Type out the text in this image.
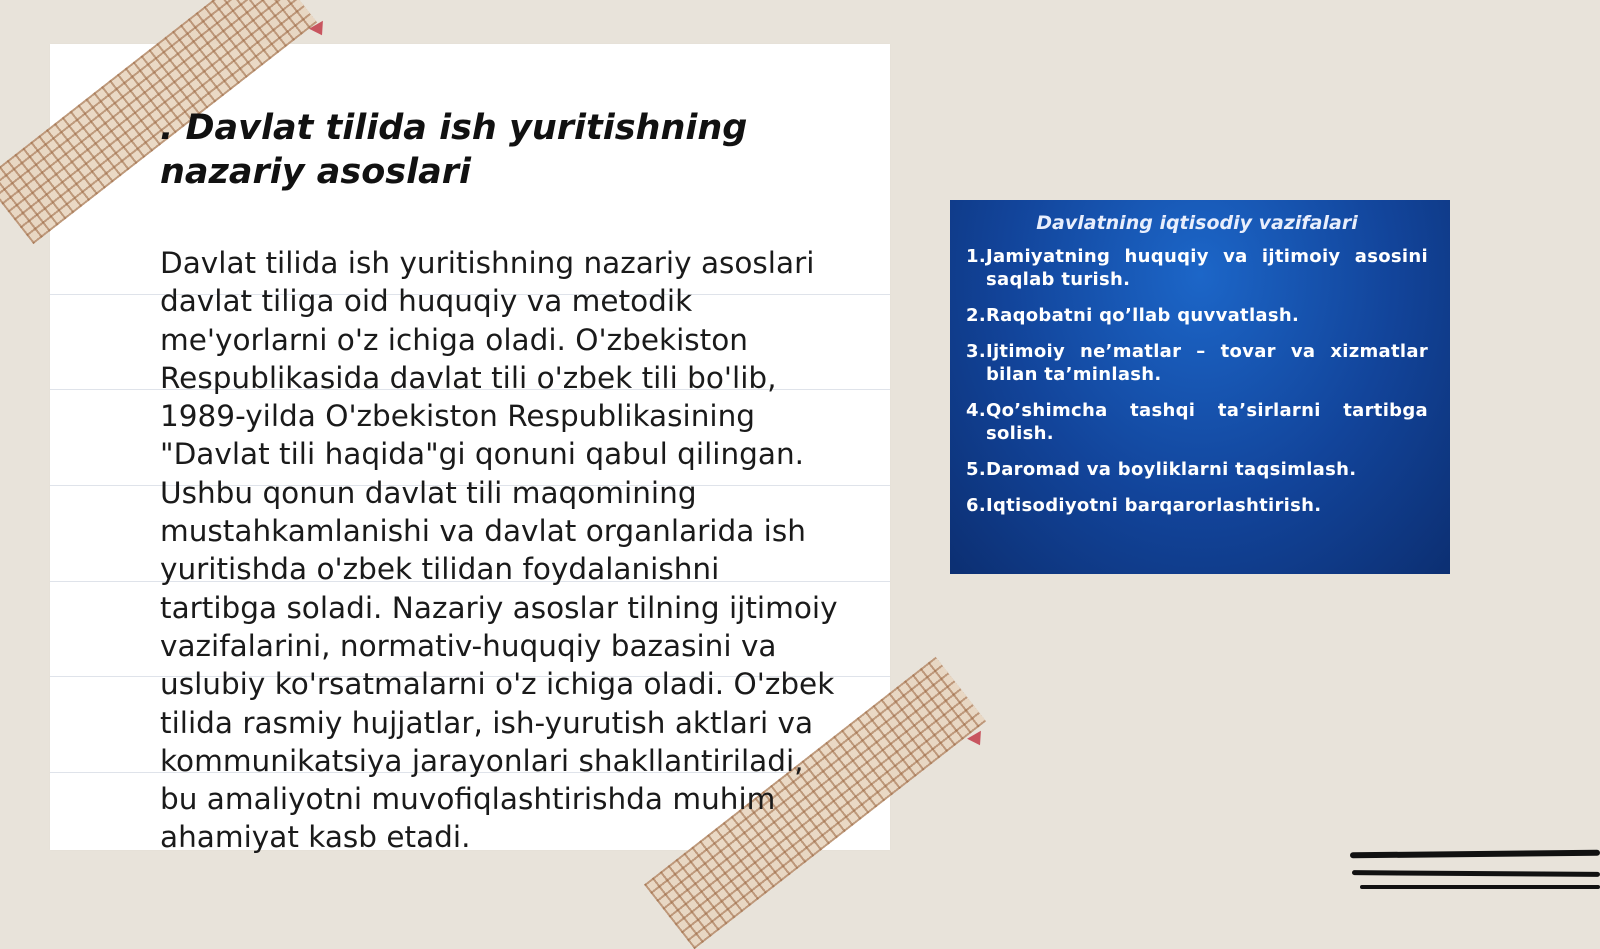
. Davlat tilida ish yuritishning nazariy asoslari

Davlat tilida ish yuritishning nazariy asoslari davlat tiliga oid huquqiy va metodik me'yorlarni o'z ichiga oladi. O'zbekiston Respublikasida davlat tili o'zbek tili bo'lib, 1989-yilda O'zbekiston Respublikasining "Davlat tili haqida"gi qonuni qabul qilingan. Ushbu qonun davlat tili maqomining mustahkamlanishi va davlat organlarida ish yuritishda o'zbek tilidan foydalanishni tartibga soladi. Nazariy asoslar tilning ijtimoiy vazifalarini, normativ-huquqiy bazasini va uslubiy ko'rsatmalarni o'z ichiga oladi. O'zbek tilida rasmiy hujjatlar, ish-yurutish aktlari va kommunikatsiya jarayonlari shakllantiriladi, bu amaliyotni muvofiqlashtirishda muhim ahamiyat kasb etadi.

Davlatning iqtisodiy vazifalari
1.Jamiyatning huquqiy va ijtimoiy asosini saqlab turish.
2.Raqobatni qo’llab quvvatlash.
3.Ijtimoiy ne’matlar – tovar va xizmatlar bilan ta’minlash.
4.Qo’shimcha tashqi ta’sirlarni tartibga solish.
5.Daromad va boyliklarni taqsimlash.
6.Iqtisodiyotni barqarorlashtirish.
